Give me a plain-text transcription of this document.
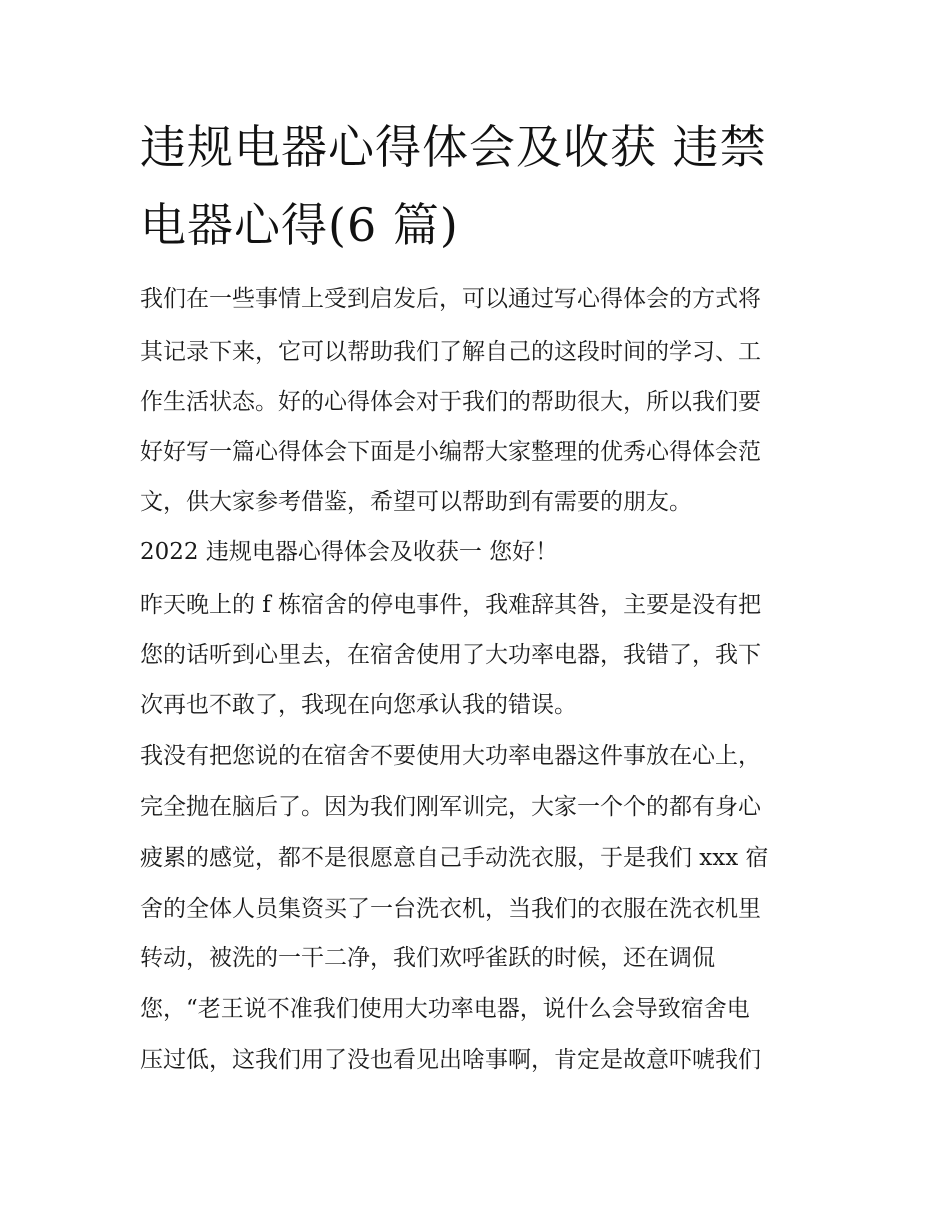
违规电器心得体会及收获 违禁
电器心得(6 篇)
我们在一些事情上受到启发后，可以通过写心得体会的方式将
其记录下来，它可以帮助我们了解自己的这段时间的学习、工
作生活状态。好的心得体会对于我们的帮助很大，所以我们要
好好写一篇心得体会下面是小编帮大家整理的优秀心得体会范
文，供大家参考借鉴，希望可以帮助到有需要的朋友。
2022 违规电器心得体会及收获一 您好！
昨天晚上的 f 栋宿舍的停电事件，我难辞其咎，主要是没有把
您的话听到心里去，在宿舍使用了大功率电器，我错了，我下
次再也不敢了，我现在向您承认我的错误。
我没有把您说的在宿舍不要使用大功率电器这件事放在心上，
完全抛在脑后了。因为我们刚军训完，大家一个个的都有身心
疲累的感觉，都不是很愿意自己手动洗衣服，于是我们 xxx 宿
舍的全体人员集资买了一台洗衣机，当我们的衣服在洗衣机里
转动，被洗的一干二净，我们欢呼雀跃的时候，还在调侃
您，“老王说不准我们使用大功率电器，说什么会导致宿舍电
压过低，这我们用了没也看见出啥事啊，肯定是故意吓唬我们
